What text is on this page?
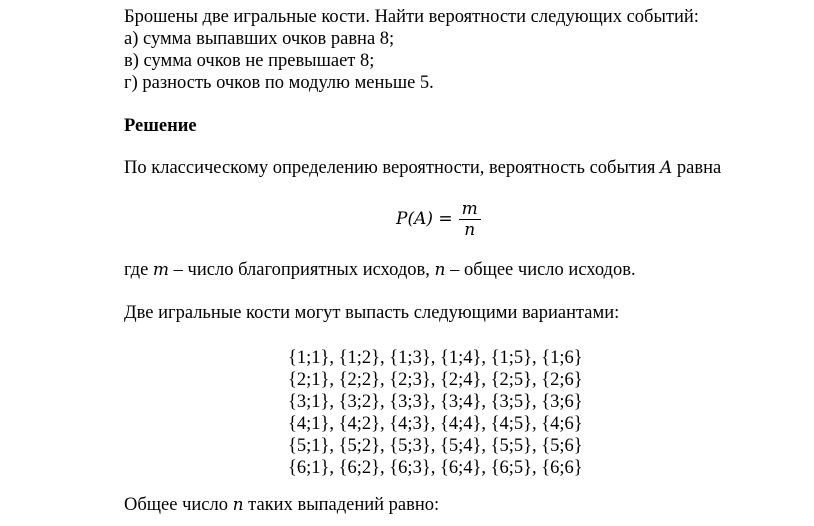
Брошены две игральные кости. Найти вероятности следующих событий:
а) сумма выпавших очков равна 8;
в) сумма очков не превышает 8;
г) разность очков по модулю меньше 5.
Решение
По классическому определению вероятности, вероятность события A равна
$P(A) = \frac{m}{n}$
где m – число благоприятных исходов, n – общее число исходов.
Две игральные кости могут выпасть следующими вариантами:
{1;1}, {1;2}, {1;3}, {1;4}, {1;5}, {1;6}
{2;1}, {2;2}, {2;3}, {2;4}, {2;5}, {2;6}
{3;1}, {3;2}, {3;3}, {3;4}, {3;5}, {3;6}
{4;1}, {4;2}, {4;3}, {4;4}, {4;5}, {4;6}
{5;1}, {5;2}, {5;3}, {5;4}, {5;5}, {5;6}
{6;1}, {6;2}, {6;3}, {6;4}, {6;5}, {6;6}
Общее число n таких выпадений равно:
